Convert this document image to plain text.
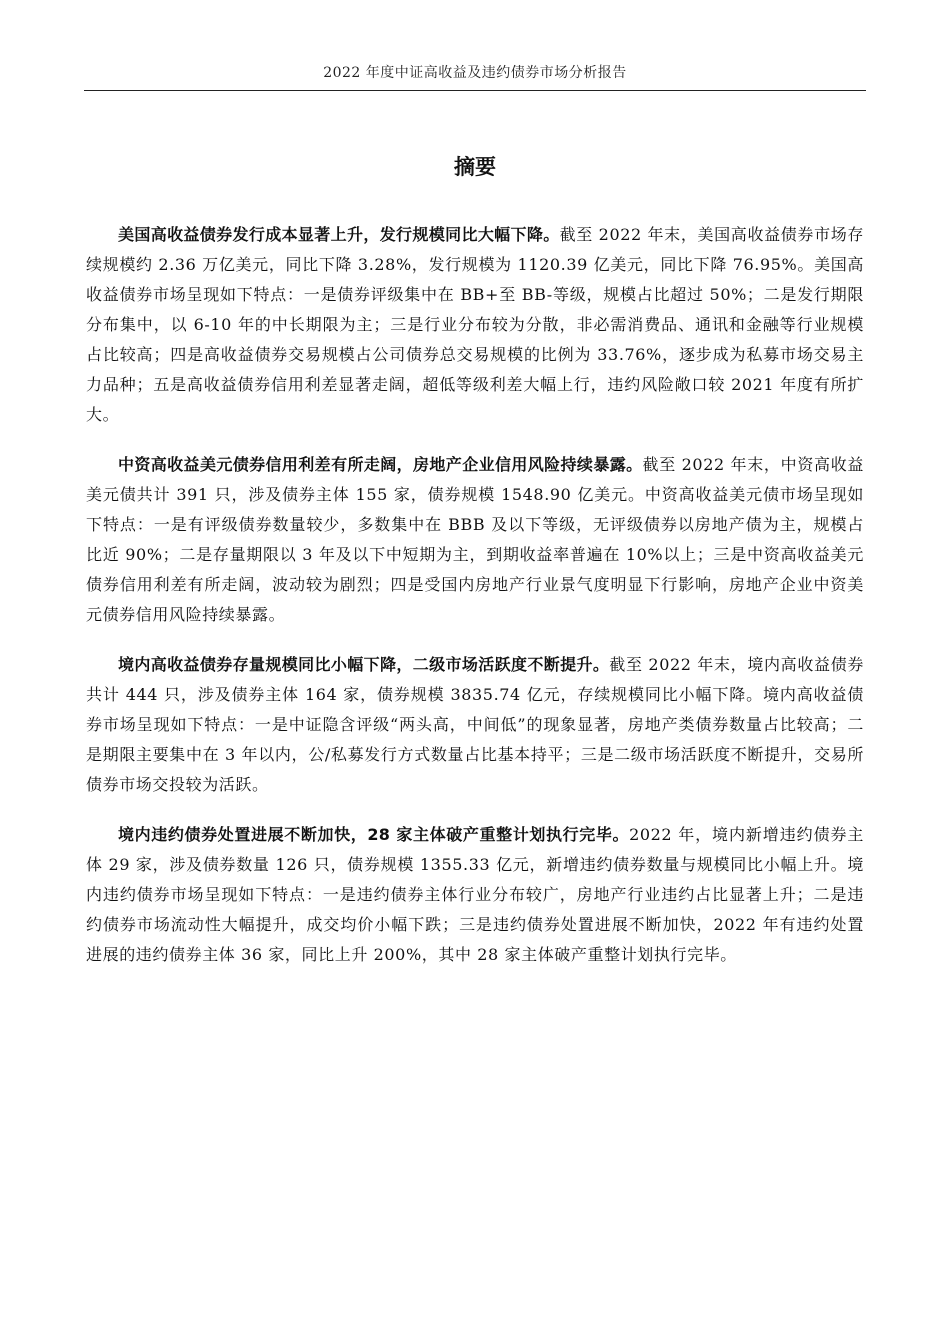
2022 年度中证高收益及违约债券市场分析报告
摘要

美国高收益债券发行成本显著上升，发行规模同比大幅下降。截至 2022 年末，美国高收益债券市场存续规模约 2.36 万亿美元，同比下降 3.28%，发行规模为 1120.39 亿美元，同比下降 76.95%。美国高收益债券市场呈现如下特点：一是债券评级集中在 BB+至 BB-等级，规模占比超过 50%；二是发行期限分布集中，以 6-10 年的中长期限为主；三是行业分布较为分散，非必需消费品、通讯和金融等行业规模占比较高；四是高收益债券交易规模占公司债券总交易规模的比例为 33.76%，逐步成为私募市场交易主力品种；五是高收益债券信用利差显著走阔，超低等级利差大幅上行，违约风险敞口较 2021 年度有所扩大。

中资高收益美元债券信用利差有所走阔，房地产企业信用风险持续暴露。截至 2022 年末，中资高收益美元债共计 391 只，涉及债券主体 155 家，债券规模 1548.90 亿美元。中资高收益美元债市场呈现如下特点：一是有评级债券数量较少，多数集中在 BBB 及以下等级，无评级债券以房地产债为主，规模占比近 90%；二是存量期限以 3 年及以下中短期为主，到期收益率普遍在 10%以上；三是中资高收益美元债券信用利差有所走阔，波动较为剧烈；四是受国内房地产行业景气度明显下行影响，房地产企业中资美元债券信用风险持续暴露。

境内高收益债券存量规模同比小幅下降，二级市场活跃度不断提升。截至 2022 年末，境内高收益债券共计 444 只，涉及债券主体 164 家，债券规模 3835.74 亿元，存续规模同比小幅下降。境内高收益债券市场呈现如下特点：一是中证隐含评级“两头高，中间低”的现象显著，房地产类债券数量占比较高；二是期限主要集中在 3 年以内，公/私募发行方式数量占比基本持平；三是二级市场活跃度不断提升，交易所债券市场交投较为活跃。

境内违约债券处置进展不断加快，28 家主体破产重整计划执行完毕。2022 年，境内新增违约债券主体 29 家，涉及债券数量 126 只，债券规模 1355.33 亿元，新增违约债券数量与规模同比小幅上升。境内违约债券市场呈现如下特点：一是违约债券主体行业分布较广，房地产行业违约占比显著上升；二是违约债券市场流动性大幅提升，成交均价小幅下跌；三是违约债券处置进展不断加快，2022 年有违约处置进展的违约债券主体 36 家，同比上升 200%，其中 28 家主体破产重整计划执行完毕。
